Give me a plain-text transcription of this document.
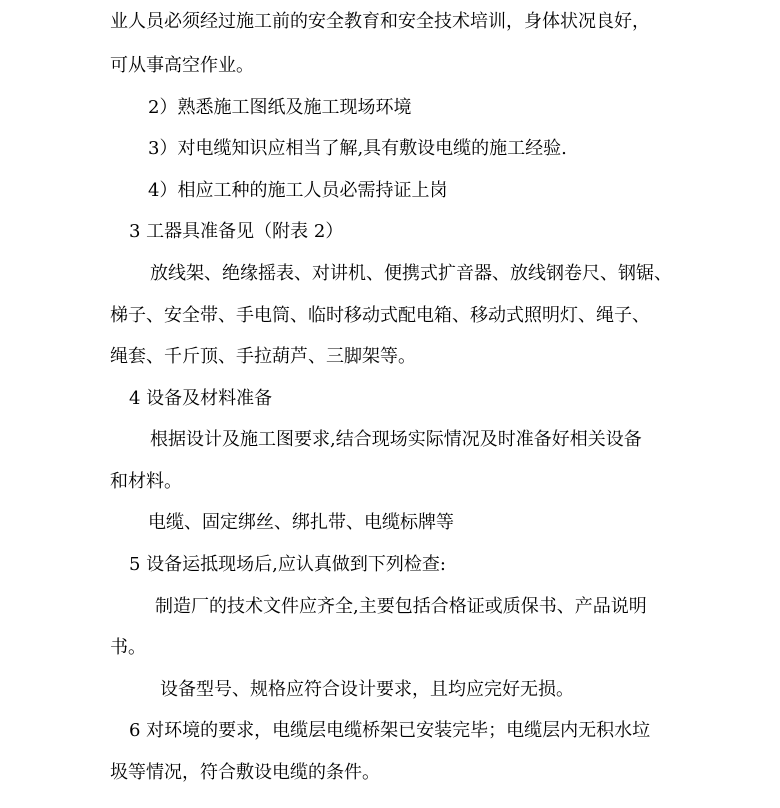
业人员必须经过施工前的安全教育和安全技术培训，身体状况良好，

可从事高空作业。

2）熟悉施工图纸及施工现场环境

3）对电缆知识应相当了解,具有敷设电缆的施工经验.

4）相应工种的施工人员必需持证上岗

3 工器具准备见（附表 2）

放线架、绝缘摇表、对讲机、便携式扩音器、放线钢卷尺、钢锯、

梯子、安全带、手电筒、临时移动式配电箱、移动式照明灯、绳子、

绳套、千斤顶、手拉葫芦、三脚架等。

4 设备及材料准备

根据设计及施工图要求,结合现场实际情况及时准备好相关设备

和材料。

电缆、固定绑丝、绑扎带、电缆标牌等

5 设备运抵现场后,应认真做到下列检查:

制造厂的技术文件应齐全,主要包括合格证或质保书、产品说明

书。

设备型号、规格应符合设计要求，且均应完好无损。

6 对环境的要求，电缆层电缆桥架已安装完毕；电缆层内无积水垃

圾等情况，符合敷设电缆的条件。
